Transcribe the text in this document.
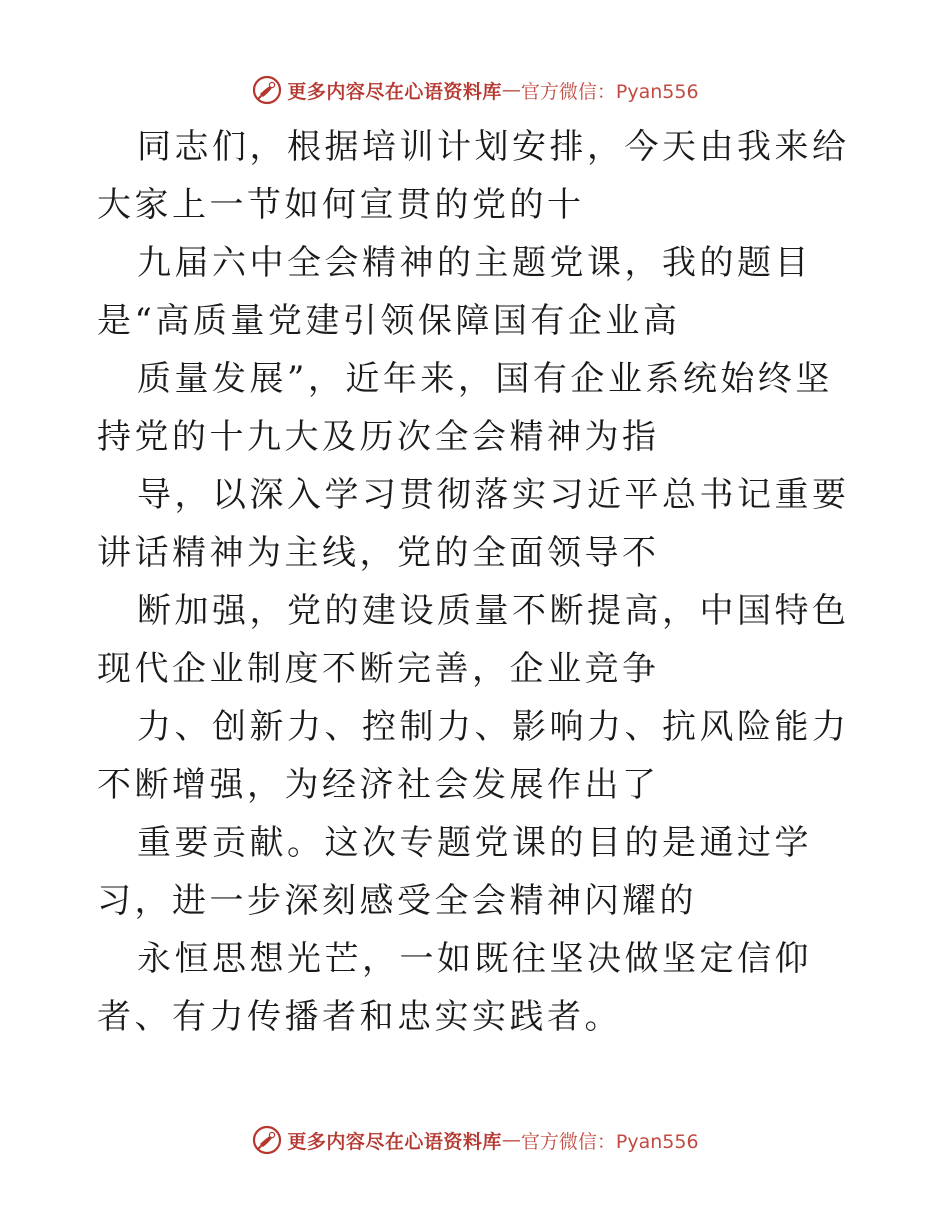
更多内容尽在心语资料库 — 官方微信：Pyan556

同志们，根据培训计划安排，今天由我来给大家上一节如何宣贯的党的十

九届六中全会精神的主题党课，我的题目是“高质量党建引领保障国有企业高

质量发展”，近年来，国有企业系统始终坚持党的十九大及历次全会精神为指

导，以深入学习贯彻落实习近平总书记重要讲话精神为主线，党的全面领导不

断加强，党的建设质量不断提高，中国特色现代企业制度不断完善，企业竞争

力、创新力、控制力、影响力、抗风险能力不断增强，为经济社会发展作出了

重要贡献。这次专题党课的目的是通过学习，进一步深刻感受全会精神闪耀的

永恒思想光芒，一如既往坚决做坚定信仰者、有力传播者和忠实实践者。

更多内容尽在心语资料库 — 官方微信：Pyan556
